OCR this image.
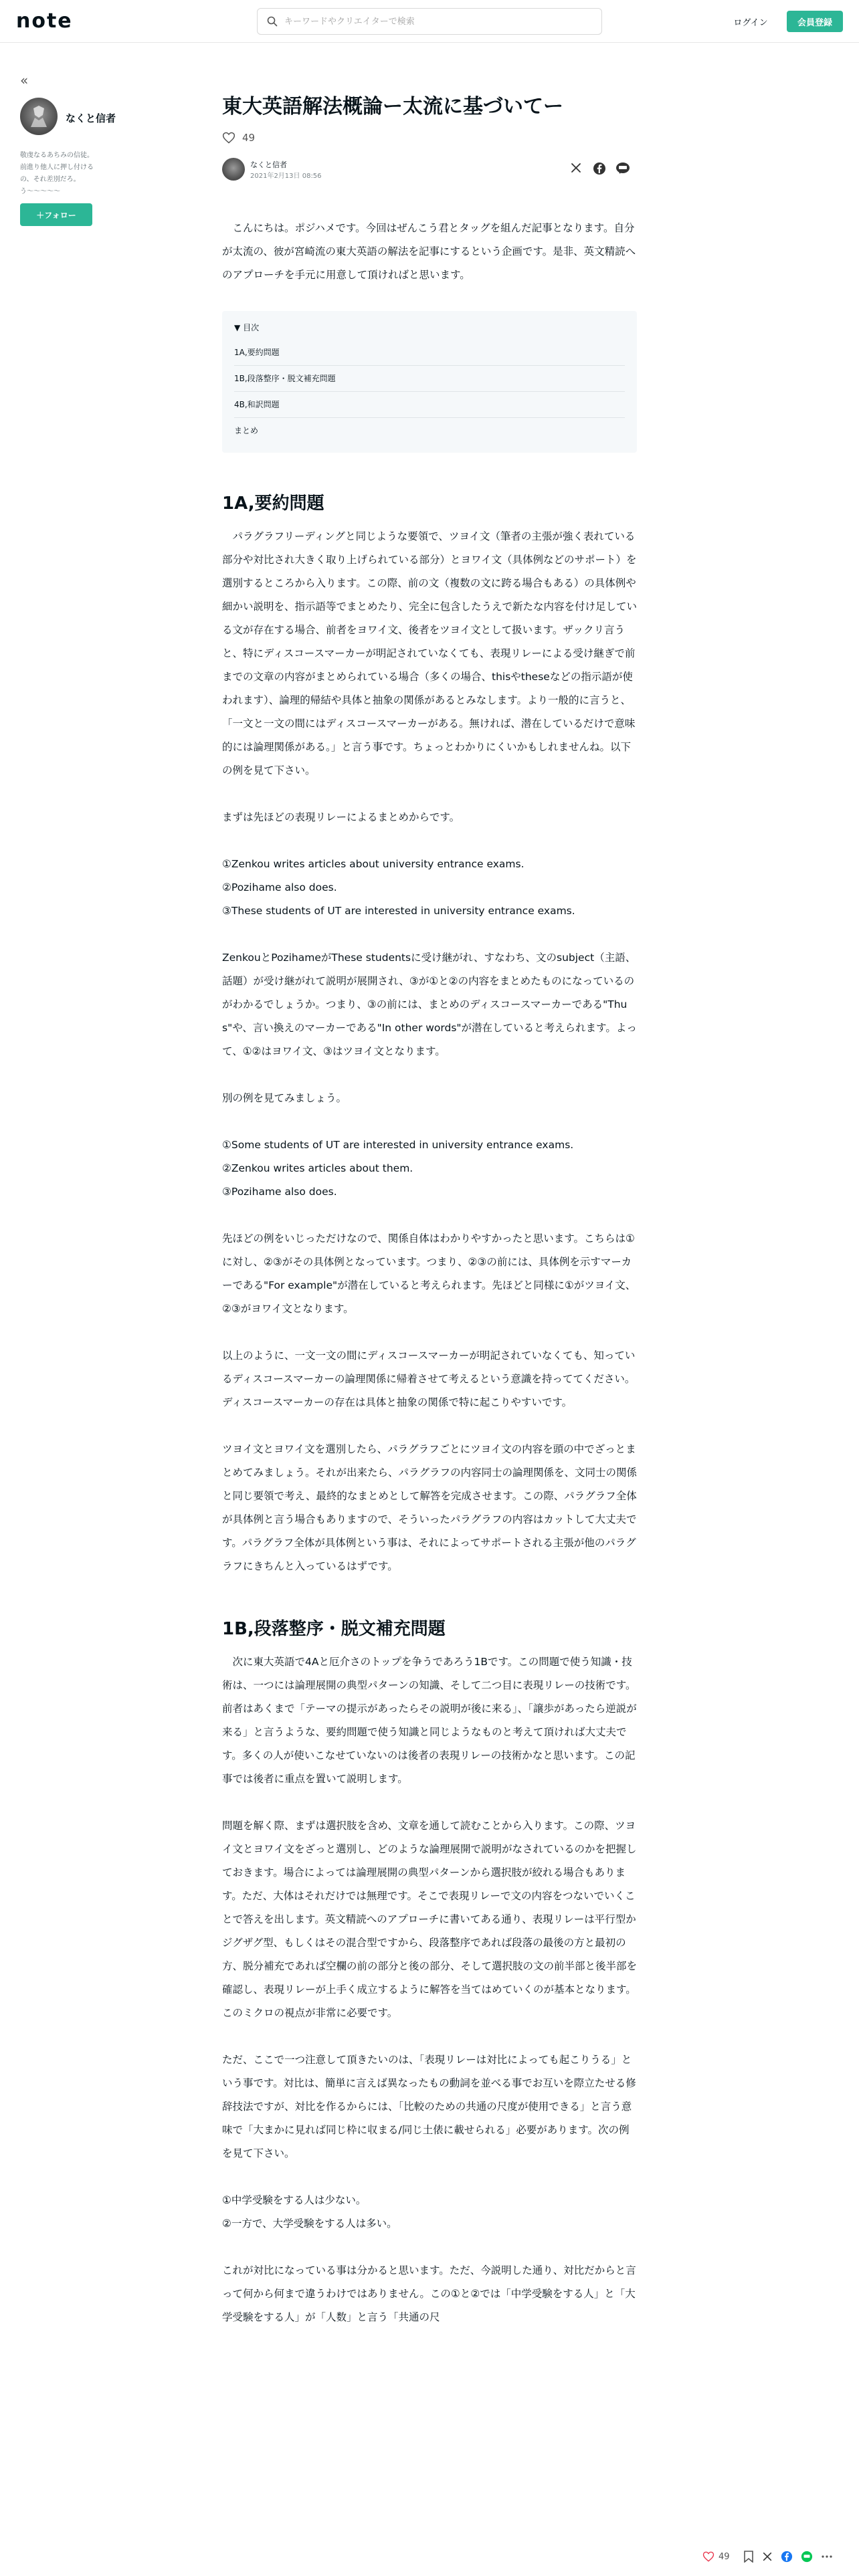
note
キーワードやクリエイターで検索	ログイン	会員登録
«
なくと信者
敬虔なるあちみの信徒。前進り他人に押し付けるの、それ差別だろ。う〜〜〜〜〜
＋フォロー
東大英語解法概論ー太流に基づいてー
49
なくと信者
2021年2月13日 08:56

　こんにちは。ポジハメです。今回はぜんこう君とタッグを組んだ記事となります。自分が太流の、彼が宮崎流の東大英語の解法を記事にするという企画です。是非、英文精読へのアプローチを手元に用意して頂ければと思います。

▼ 目次
1A,要約問題
1B,段落整序・脱文補充問題
4B,和訳問題
まとめ
1A,要約問題

　パラグラフリーディングと同じような要領で、ツヨイ文（筆者の主張が強く表れている部分や対比され大きく取り上げられている部分）とヨワイ文（具体例などのサポート）を選別するところから入ります。この際、前の文（複数の文に跨る場合もある）の具体例や細かい説明を、指示語等でまとめたり、完全に包含したうえで新たな内容を付け足している文が存在する場合、前者をヨワイ文、後者をツヨイ文として扱います。ザックリ言うと、特にディスコースマーカーが明記されていなくても、表現リレーによる受け継ぎで前までの文章の内容がまとめられている場合（多くの場合、thisやtheseなどの指示語が使われます）、論理的帰結や具体と抽象の関係があるとみなします。より一般的に言うと、「一文と一文の間にはディスコースマーカーがある。無ければ、潜在しているだけで意味的には論理関係がある。」と言う事です。ちょっとわかりにくいかもしれませんね。以下の例を見て下さい。

まずは先ほどの表現リレーによるまとめからです。

①Zenkou writes articles about university entrance exams.

②Pozihame also does.

③These students of UT are interested in university entrance exams.

ZenkouとPozihameがThese studentsに受け継がれ、すなわち、文のsubject（主語、話題）が受け継がれて説明が展開され、③が①と②の内容をまとめたものになっているのがわかるでしょうか。つまり、③の前には、まとめのディスコースマーカーである"Thus"や、言い換えのマーカーである"In other words"が潜在していると考えられます。よって、①②はヨワイ文、③はツヨイ文となります。

別の例を見てみましょう。

①Some students of UT are interested in university entrance exams.

②Zenkou writes articles about them.

③Pozihame also does.

先ほどの例をいじっただけなので、関係自体はわかりやすかったと思います。こちらは①に対し、②③がその具体例となっています。つまり、②③の前には、具体例を示すマーカーである"For example"が潜在していると考えられます。先ほどと同様に①がツヨイ文、②③がヨワイ文となります。

以上のように、一文一文の間にディスコースマーカーが明記されていなくても、知っているディスコースマーカーの論理関係に帰着させて考えるという意識を持っててください。ディスコースマーカーの存在は具体と抽象の関係で特に起こりやすいです。

ツヨイ文とヨワイ文を選別したら、パラグラフごとにツヨイ文の内容を頭の中でざっとまとめてみましょう。それが出来たら、パラグラフの内容同士の論理関係を、文同士の関係と同じ要領で考え、最終的なまとめとして解答を完成させます。この際、パラグラフ全体が具体例と言う場合もありますので、そういったパラグラフの内容はカットして大丈夫です。パラグラフ全体が具体例という事は、それによってサポートされる主張が他のパラグラフにきちんと入っているはずです。

1B,段落整序・脱文補充問題

　次に東大英語で4Aと厄介さのトップを争うであろう1Bです。この問題で使う知識・技術は、一つには論理展開の典型パターンの知識、そして二つ目に表現リレーの技術です。前者はあくまで「テーマの提示があったらその説明が後に来る」、「譲歩があったら逆説が来る」と言うような、要約問題で使う知識と同じようなものと考えて頂ければ大丈夫です。多くの人が使いこなせていないのは後者の表現リレーの技術かなと思います。この記事では後者に重点を置いて説明します。

問題を解く際、まずは選択肢を含め、文章を通して読むことから入ります。この際、ツヨイ文とヨワイ文をざっと選別し、どのような論理展開で説明がなされているのかを把握しておきます。場合によっては論理展開の典型パターンから選択肢が絞れる場合もあります。ただ、大体はそれだけでは無理です。そこで表現リレーで文の内容をつないでいくことで答えを出します。英文精読へのアプローチに書いてある通り、表現リレーは平行型かジグザグ型、もしくはその混合型ですから、段落整序であれば段落の最後の方と最初の方、脱分補充であれば空欄の前の部分と後の部分、そして選択肢の文の前半部と後半部を確認し、表現リレーが上手く成立するように解答を当てはめていくのが基本となります。このミクロの視点が非常に必要です。

ただ、ここで一つ注意して頂きたいのは、「表現リレーは対比によっても起こりうる」という事です。対比は、簡単に言えば異なったもの動詞を並べる事でお互いを際立たせる修辞技法ですが、対比を作るからには、「比較のための共通の尺度が使用できる」と言う意味で「大まかに見れば同じ枠に収まる/同じ土俵に載せられる」必要があります。次の例を見て下さい。

①中学受験をする人は少ない。

②一方で、大学受験をする人は多い。

これが対比になっている事は分かると思います。ただ、今説明した通り、対比だからと言って何から何まで違うわけではありません。この①と②では「中学受験をする人」と「大学受験をする人」が「人数」と言う「共通の尺

49
